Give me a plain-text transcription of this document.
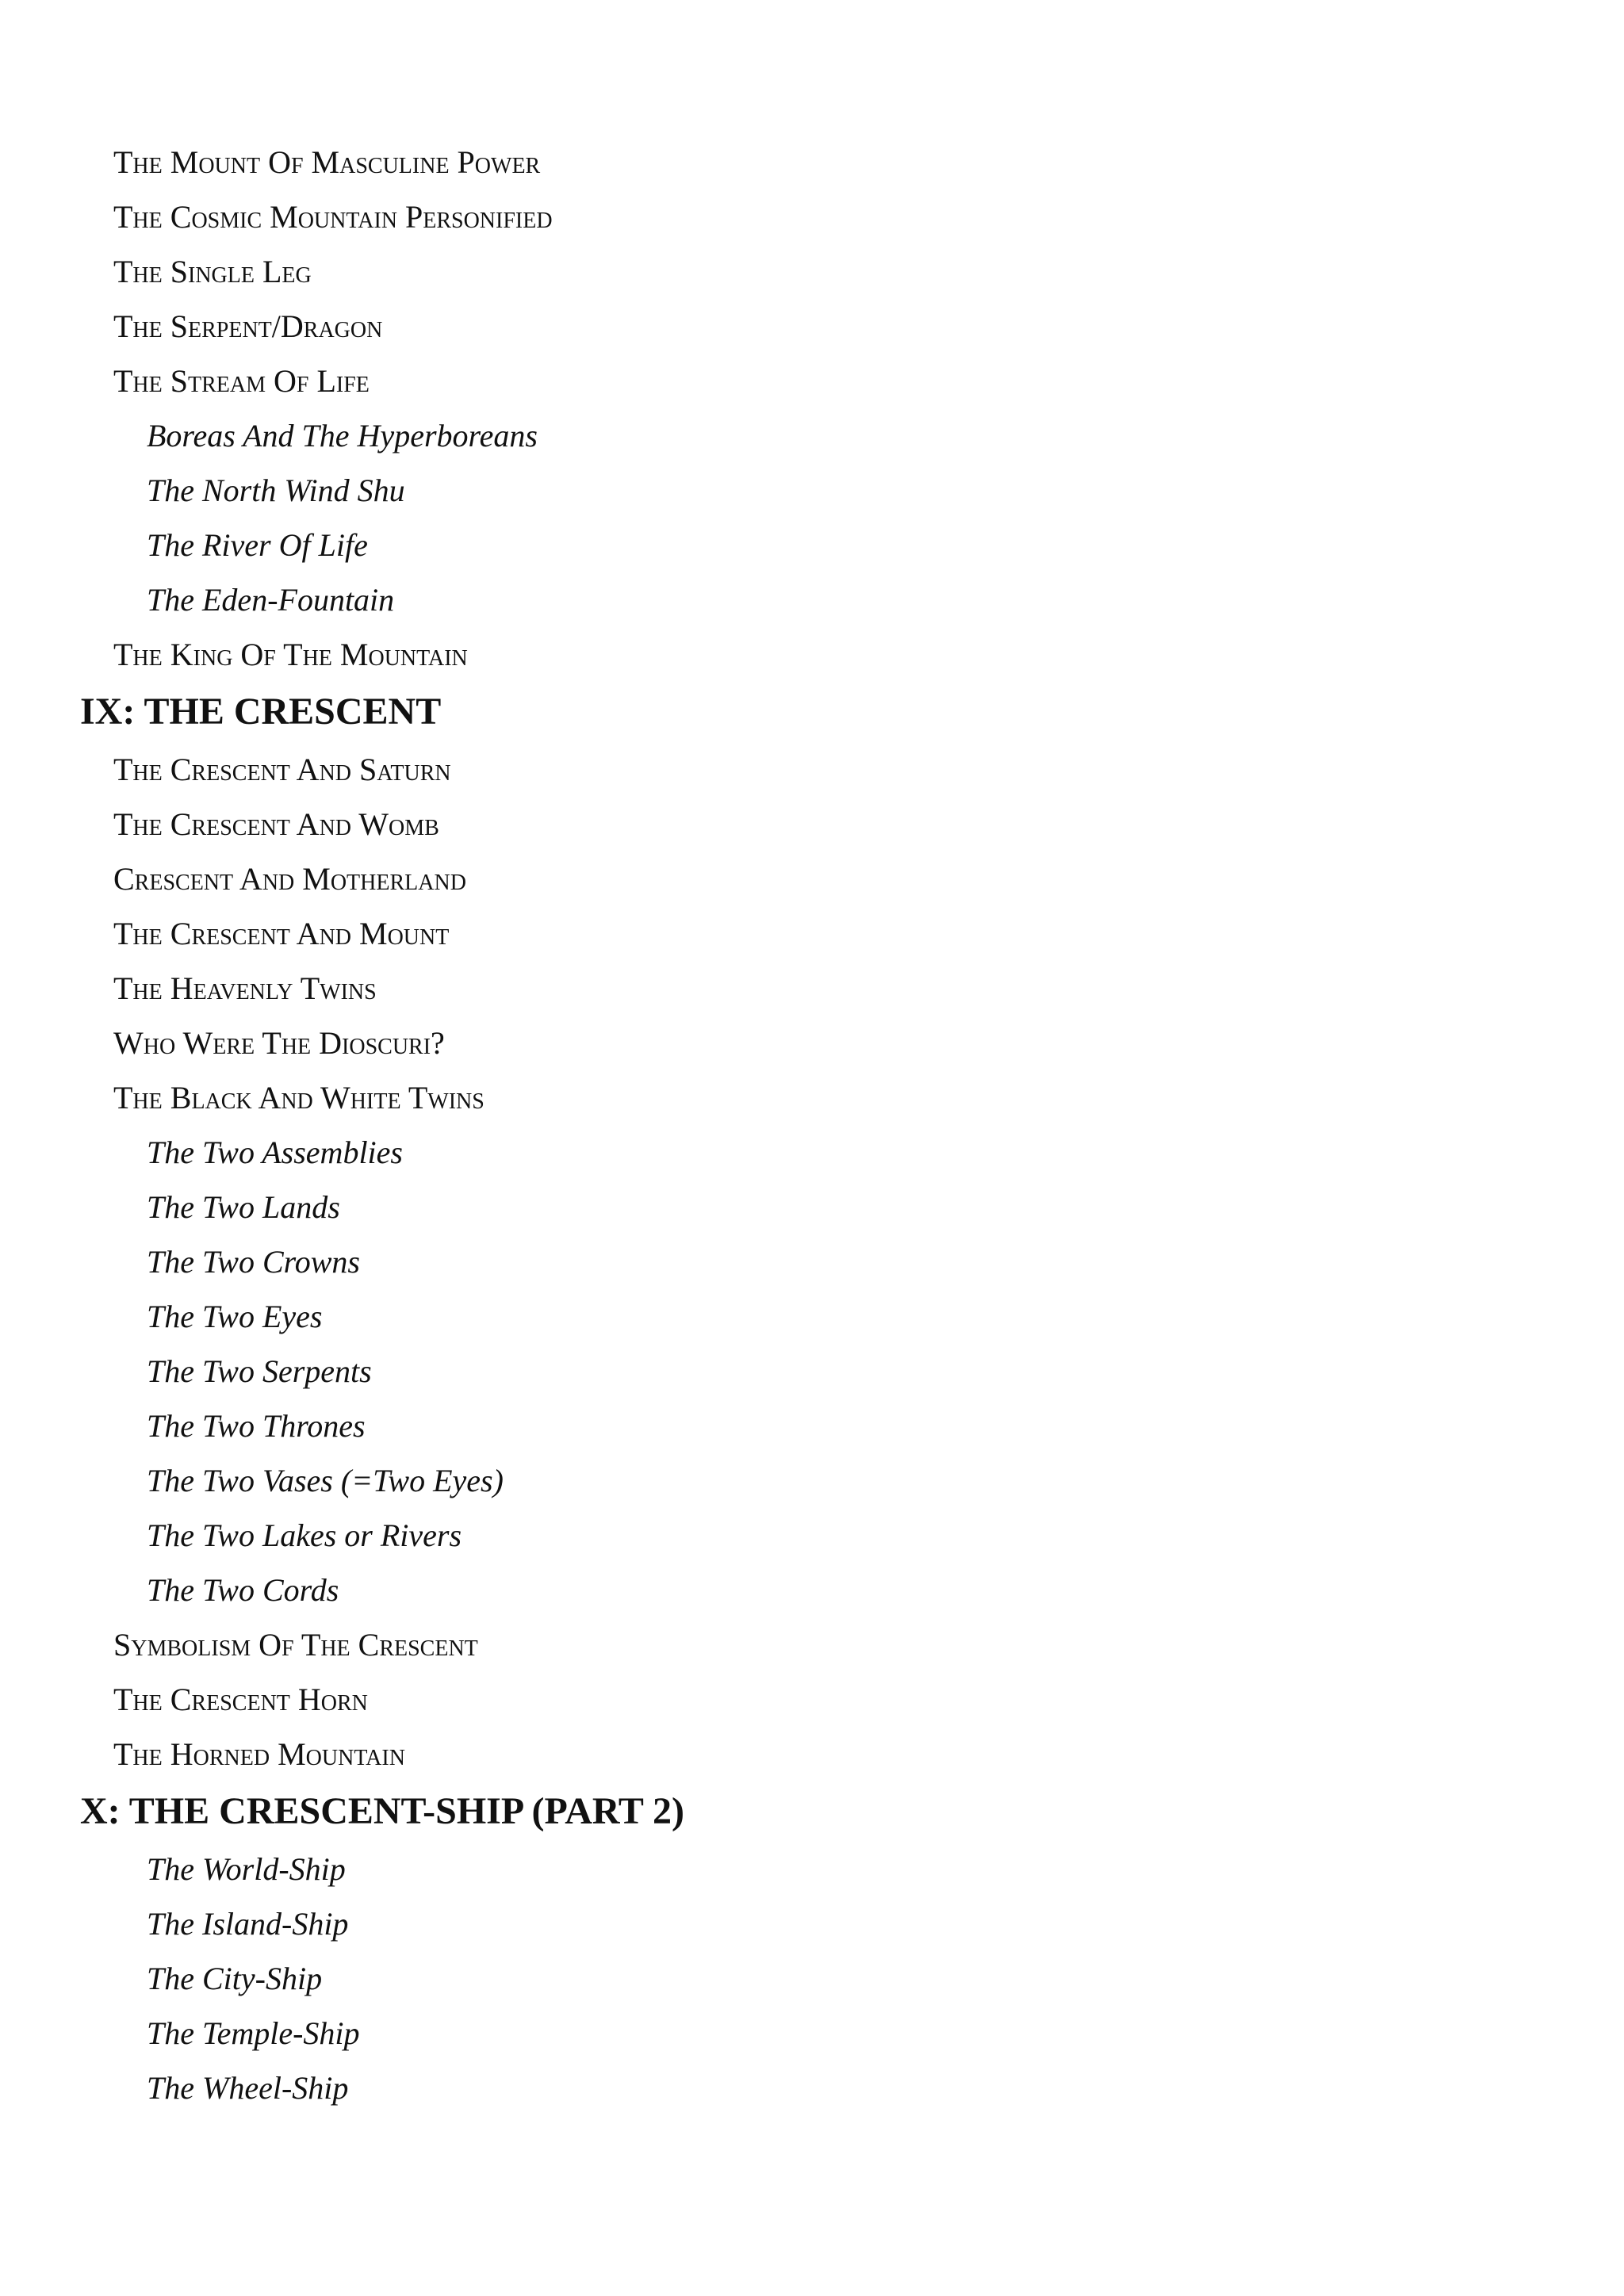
The Mount Of Masculine Power
The Cosmic Mountain Personified
The Single Leg
The Serpent/Dragon
The Stream Of Life
Boreas And The Hyperboreans
The North Wind Shu
The River Of Life
The Eden-Fountain
The King Of The Mountain
IX: THE CRESCENT
The Crescent And Saturn
The Crescent And Womb
Crescent And Motherland
The Crescent And Mount
The Heavenly Twins
Who Were The Dioscuri?
The Black And White Twins
The Two Assemblies
The Two Lands
The Two Crowns
The Two Eyes
The Two Serpents
The Two Thrones
The Two Vases (=Two Eyes)
The Two Lakes or Rivers
The Two Cords
Symbolism Of The Crescent
The Crescent Horn
The Horned Mountain
X: THE CRESCENT-SHIP (PART 2)
The World-Ship
The Island-Ship
The City-Ship
The Temple-Ship
The Wheel-Ship
